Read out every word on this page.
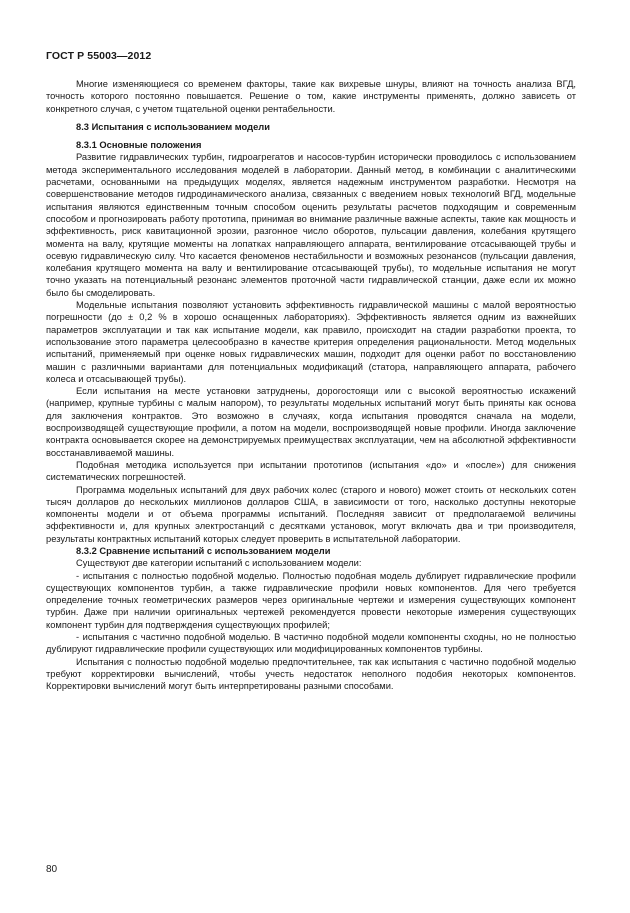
ГОСТ Р 55003—2012

Многие изменяющиеся со временем факторы, такие как вихревые шнуры, влияют на точность анализа ВГД, точность которого постоянно повышается. Решение о том, какие инструменты применять, должно зависеть от конкретного случая, с учетом тщательной оценки рентабельности.

8.3 Испытания с использованием модели

8.3.1 Основные положения

Развитие гидравлических турбин, гидроагрегатов и насосов-турбин исторически проводилось с использованием метода экспериментального исследования моделей в лаборатории. Данный метод, в комбинации с аналитическими расчетами, основанными на предыдущих моделях, является надежным инструментом разработки. Несмотря на совершенствование методов гидродинамического анализа, связанных с введением новых технологий ВГД, модельные испытания являются единственным точным способом оценить результаты расчетов подходящим и современным способом и прогнозировать работу прототипа, принимая во внимание различные важные аспекты, такие как мощность и эффективность, риск кавитационной эрозии, разгонное число оборотов, пульсации давления, колебания крутящего момента на валу, крутящие моменты на лопатках направляющего аппарата, вентилирование отсасывающей трубы и осевую гидравлическую силу. Что касается феноменов нестабильности и возможных резонансов (пульсации давления, колебания крутящего момента на валу и вентилирование отсасывающей трубы), то модельные испытания не могут точно указать на потенциальный резонанс элементов проточной части гидравлической станции, даже если их можно было бы смоделировать.

Модельные испытания позволяют установить эффективность гидравлической машины с малой вероятностью погрешности (до ± 0,2 % в хорошо оснащенных лабораториях). Эффективность является одним из важнейших параметров эксплуатации и так как испытание модели, как правило, происходит на стадии разработки проекта, то использование этого параметра целесообразно в качестве критерия определения рациональности. Метод модельных испытаний, применяемый при оценке новых гидравлических машин, подходит для оценки работ по восстановлению машин с различными вариантами для потенциальных модификаций (статора, направляющего аппарата, рабочего колеса и отсасывающей трубы).

Если испытания на месте установки затруднены, дорогостоящи или с высокой вероятностью искажений (например, крупные турбины с малым напором), то результаты модельных испытаний могут быть приняты как основа для заключения контрактов. Это возможно в случаях, когда испытания проводятся сначала на модели, воспроизводящей существующие профили, а потом на модели, воспроизводящей новые профили. Иногда заключение контракта основывается скорее на демонстрируемых преимуществах эксплуатации, чем на абсолютной эффективности восстанавливаемой машины.

Подобная методика используется при испытании прототипов (испытания «до» и «после») для снижения систематических погрешностей.

Программа модельных испытаний для двух рабочих колес (старого и нового) может стоить от нескольких сотен тысяч долларов до нескольких миллионов долларов США, в зависимости от того, насколько доступны некоторые компоненты модели и от объема программы испытаний. Последняя зависит от предполагаемой величины эффективности и, для крупных электростанций с десятками установок, могут включать два и три производителя, результаты контрактных испытаний которых следует проверить в испытательной лаборатории.

8.3.2 Сравнение испытаний с использованием модели

Существуют две категории испытаний с использованием модели:

- испытания с полностью подобной моделью. Полностью подобная модель дублирует гидравлические профили существующих компонентов турбин, а также гидравлические профили новых компонентов. Для чего требуется определение точных геометрических размеров через оригинальные чертежи и измерения существующих компонент турбин. Даже при наличии оригинальных чертежей рекомендуется провести некоторые измерения существующих компонент турбин для подтверждения существующих профилей;

- испытания с частично подобной моделью. В частично подобной модели компоненты сходны, но не полностью дублируют гидравлические профили существующих или модифицированных компонентов турбины.

Испытания с полностью подобной моделью предпочтительнее, так как испытания с частично подобной моделью требуют корректировки вычислений, чтобы учесть недостаток неполного подобия некоторых компонентов. Корректировки вычислений могут быть интерпретированы разными способами.

80
